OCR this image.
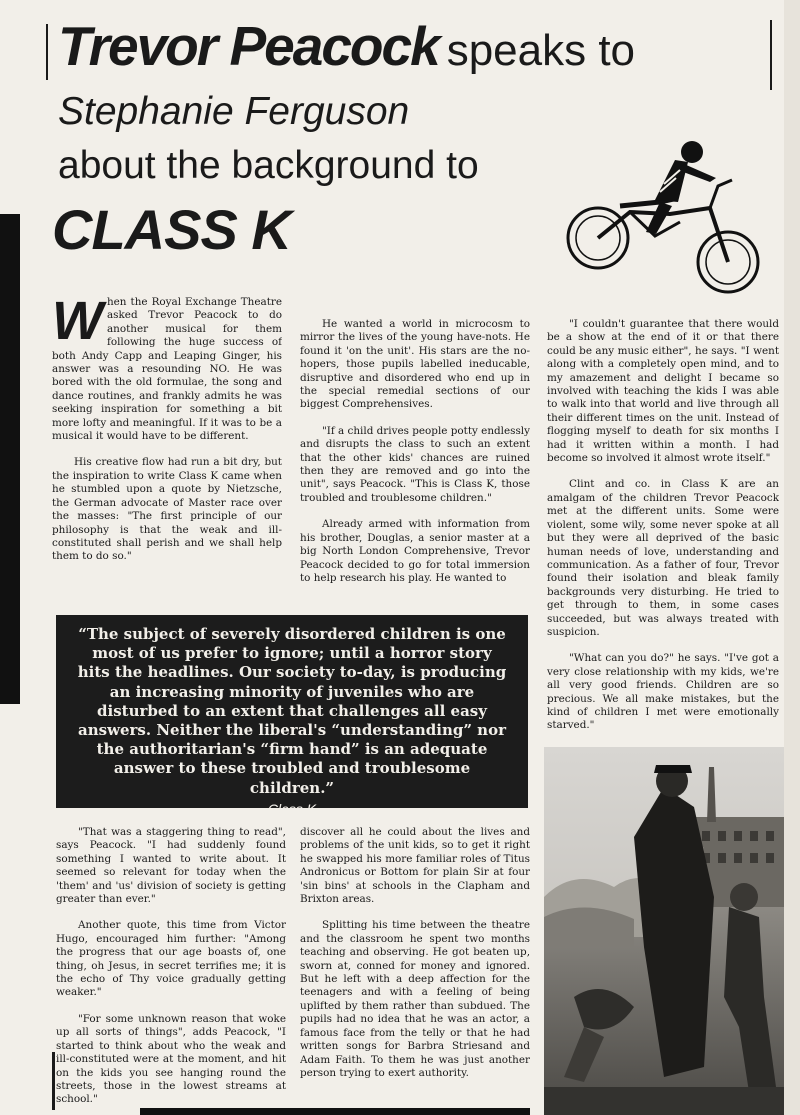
Trevor Peacock speaks to
Stephanie Ferguson
about the background to
CLASS K

When the Royal Exchange Theatre asked Trevor Peacock to do another musical for them following the huge success of both Andy Capp and Leaping Ginger, his answer was a resounding NO. He was bored with the old formulae, the song and dance routines, and frankly admits he was seeking inspiration for something a bit more lofty and meaningful. If it was to be a musical it would have to be different.

His creative flow had run a bit dry, but the inspiration to write Class K came when he stumbled upon a quote by Nietzsche, the German advocate of Master race over the masses: "The first principle of our philosophy is that the weak and ill-constituted shall perish and we shall help them to do so."

He wanted a world in microcosm to mirror the lives of the young have-nots. He found it 'on the unit'. His stars are the no-hopers, those pupils labelled ineducable, disruptive and disordered who end up in the special remedial sections of our biggest Comprehensives.

"If a child drives people potty endlessly and disrupts the class to such an extent that the other kids' chances are ruined then they are removed and go into the unit", says Peacock. "This is Class K, those troubled and troublesome children."

Already armed with information from his brother, Douglas, a senior master at a big North London Comprehensive, Trevor Peacock decided to go for total immersion to help research his play. He wanted to

"I couldn't guarantee that there would be a show at the end of it or that there could be any music either", he says. "I went along with a completely open mind, and to my amazement and delight I became so involved with teaching the kids I was able to walk into that world and live through all their different times on the unit. Instead of flogging myself to death for six months I had it written within a month. I had become so involved it almost wrote itself."

Clint and co. in Class K are an amalgam of the children Trevor Peacock met at the different units. Some were violent, some wily, some never spoke at all but they were all deprived of the basic human needs of love, understanding and communication. As a father of four, Trevor found their isolation and bleak family backgrounds very disturbing. He tried to get through to them, in some cases succeeded, but was always treated with suspicion.

"What can you do?" he says. "I've got a very close relationship with my kids, we're all very good friends. Children are so precious. We all make mistakes, but the kind of children I met were emotionally starved."

“The subject of severely disordered children is one most of us prefer to ignore; until a horror story hits the headlines. Our society to-day, is producing an increasing minority of juveniles who are disturbed to an extent that challenges all easy answers. Neither the liberal's “understanding” nor the authoritarian's “firm hand” is an adequate answer to these troubled and troublesome children.”
Class K

"That was a staggering thing to read", says Peacock. "I had suddenly found something I wanted to write about. It seemed so relevant for today when the 'them' and 'us' division of society is getting greater than ever."

Another quote, this time from Victor Hugo, encouraged him further: "Among the progress that our age boasts of, one thing, oh Jesus, in secret terrifies me; it is the echo of Thy voice gradually getting weaker."

"For some unknown reason that woke up all sorts of things", adds Peacock, "I started to think about who the weak and ill-constituted were at the moment, and hit on the kids you see hanging round the streets, those in the lowest streams at school."

discover all he could about the lives and problems of the unit kids, so to get it right he swapped his more familiar roles of Titus Andronicus or Bottom for plain Sir at four 'sin bins' at schools in the Clapham and Brixton areas.

Splitting his time between the theatre and the classroom he spent two months teaching and observing. He got beaten up, sworn at, conned for money and ignored. But he left with a deep affection for the teenagers and with a feeling of being uplifted by them rather than subdued. The pupils had no idea that he was an actor, a famous face from the telly or that he had written songs for Barbra Striesand and Adam Faith. To them he was just another person trying to exert authority.
